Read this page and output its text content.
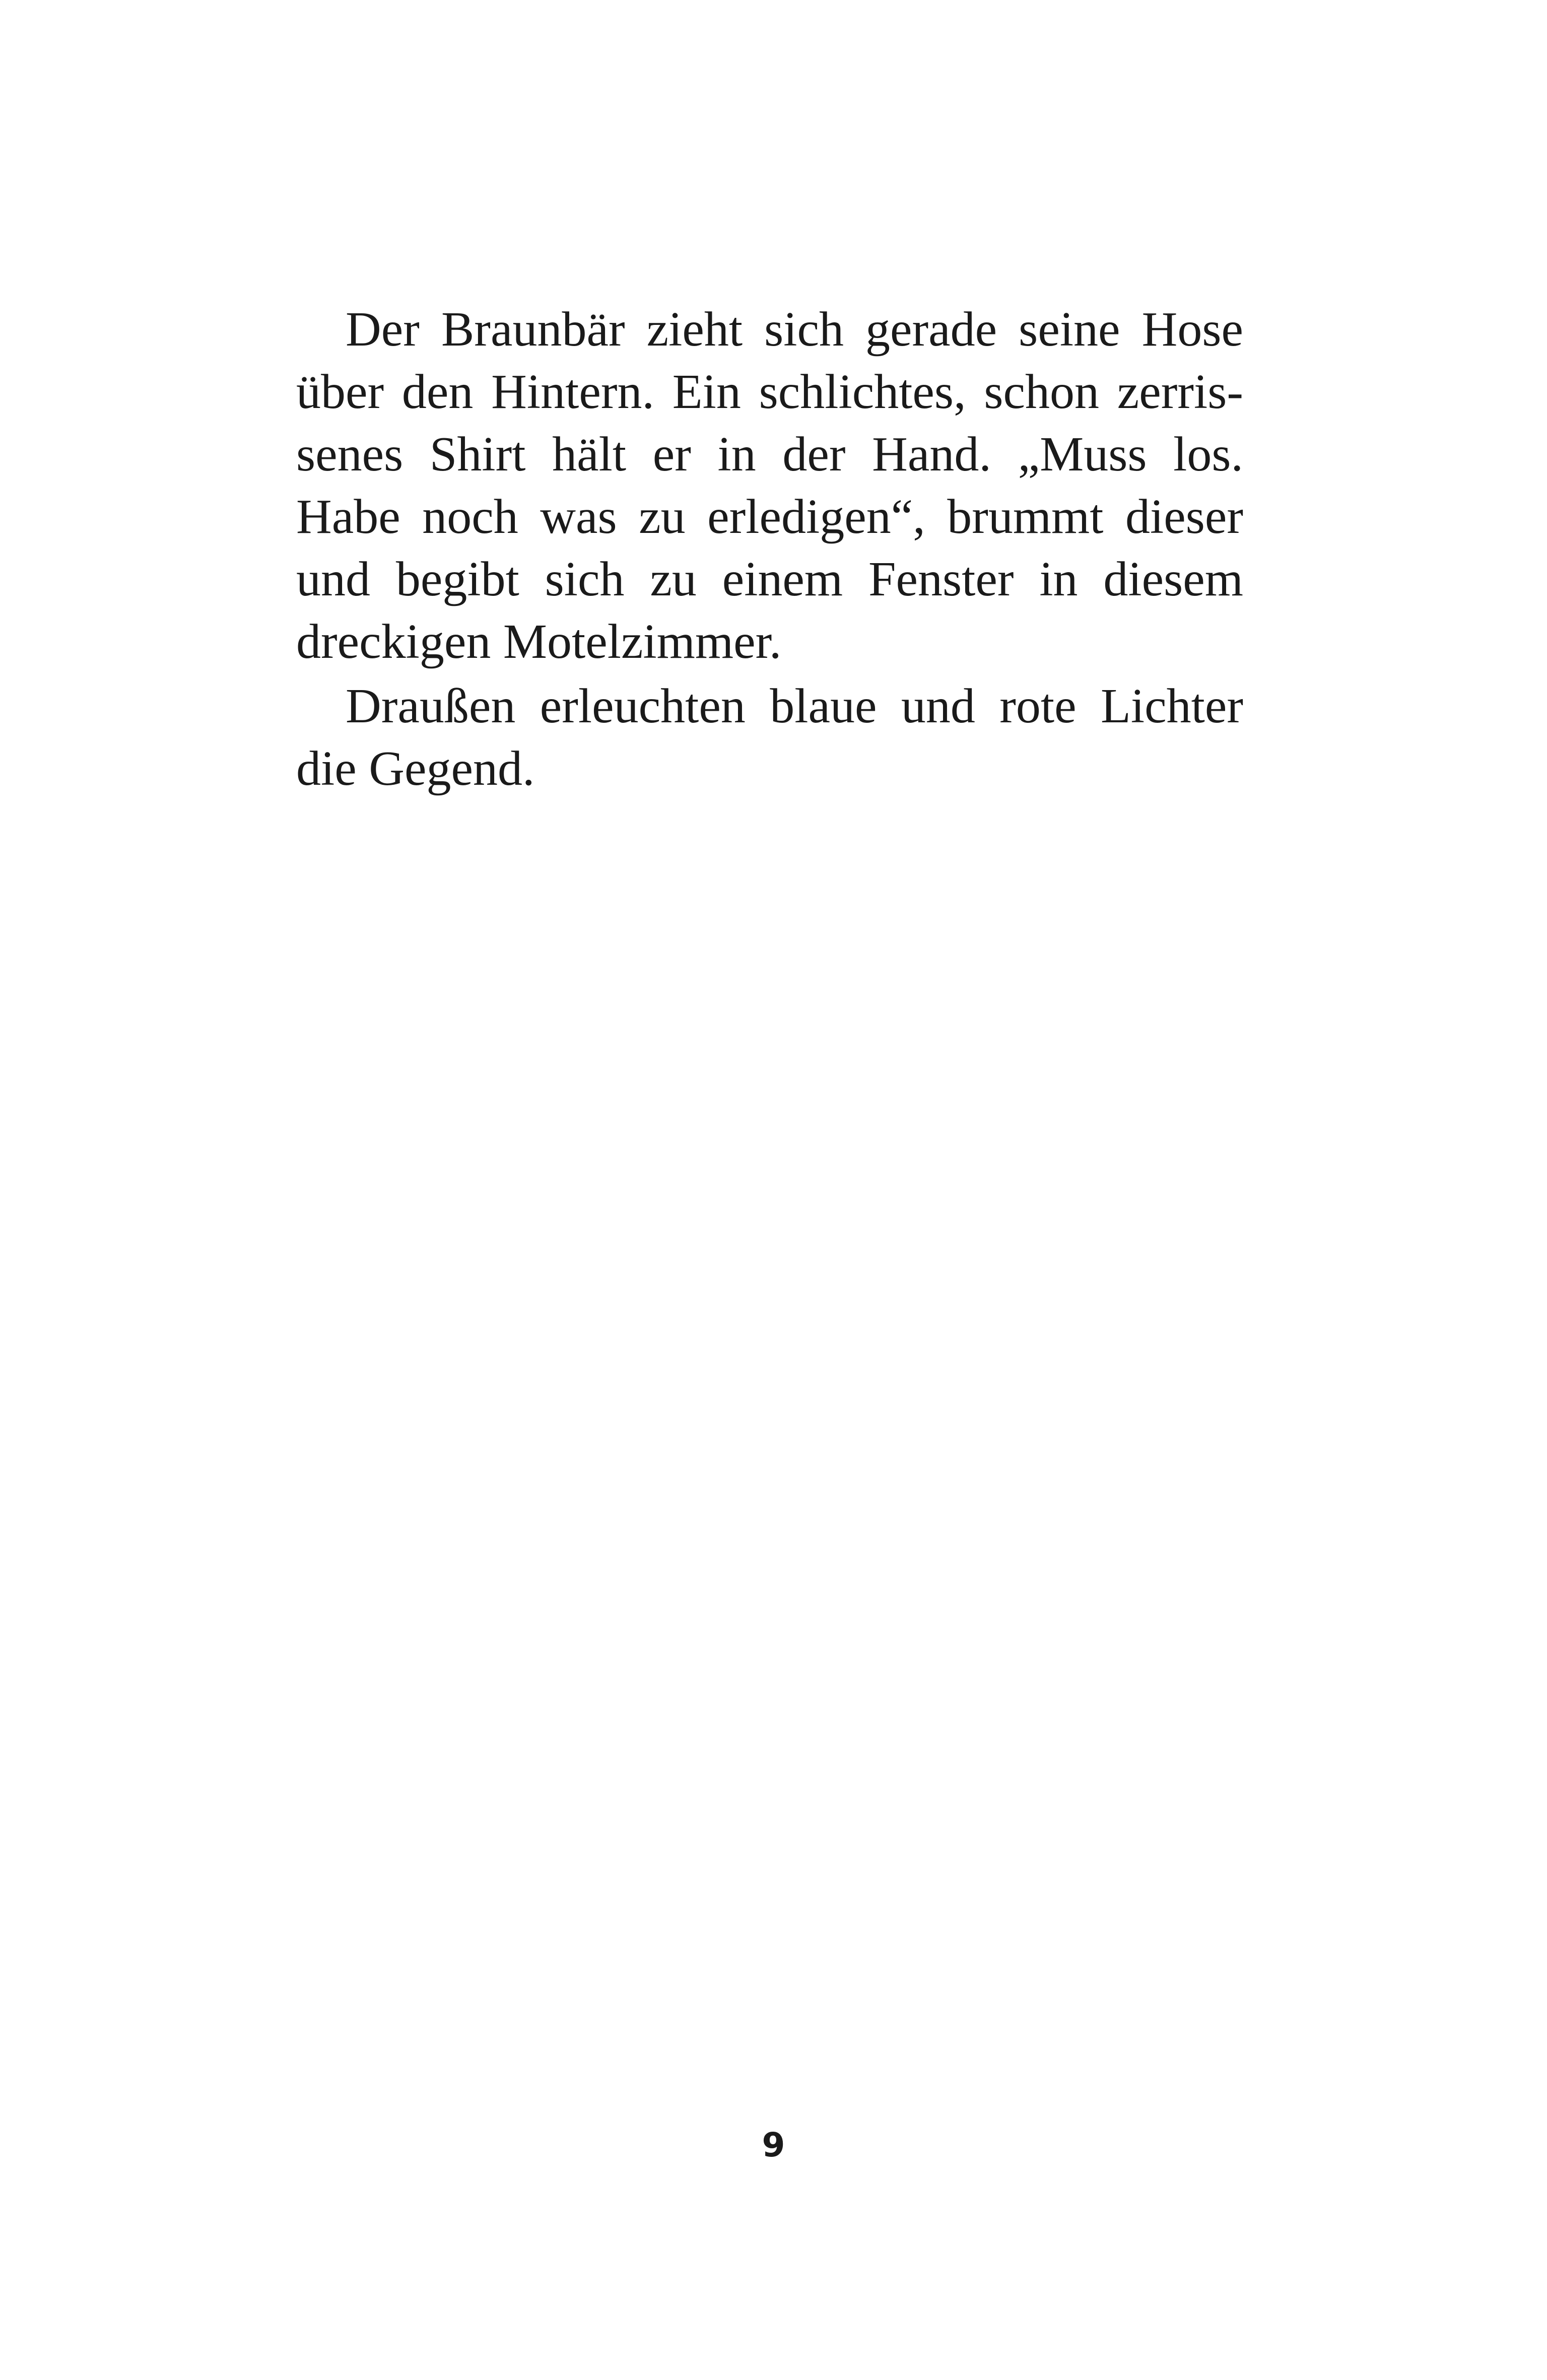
Der Braunbär zieht sich gerade seine Hose
über den Hintern. Ein schlichtes, schon zerris-
senes Shirt hält er in der Hand. „Muss los.
Habe noch was zu erledigen“, brummt dieser
und begibt sich zu einem Fenster in diesem
dreckigen Motelzimmer.
Draußen erleuchten blaue und rote Lichter
die Gegend.
9
